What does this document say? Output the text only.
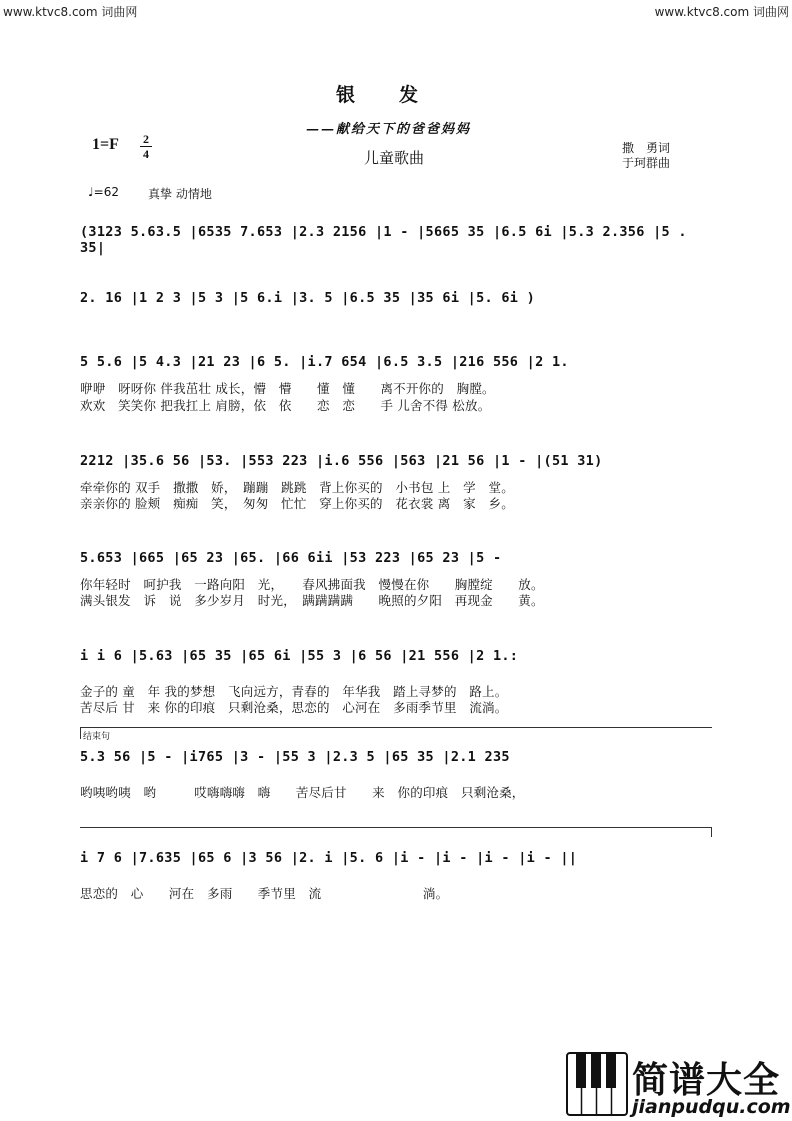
www.ktvc8.com 词曲网	www.ktvc8.com 词曲网
银　　发
——献给天下的爸爸妈妈
儿童歌曲
撒　勇词
于珂群曲
1=F 2
4
♩=62 真挚 动情地
(3123 5.63.5 |6535 7.653 |2.3 2156 |1 - |5665 35 |6.5 6i |5.3 2.356 |5 . 35|
2. 16 |1 2 3 |5 3 |5 6.i |3. 5 |6.5 35 |35 6i |5. 6i )
5 5.6 |5 4.3 |21 23 |6 5. |i.7 654 |6.5 3.5 |216 556 |2 1.
咿咿　呀呀你 伴我茁壮 成长，懵　懵　　懂　懂　　离不开你的　胸膛。
欢欢　笑笑你 把我扛上 肩膀，依　依　　恋　恋　　手 儿舍不得 松放。
2212 |35.6 56 |53. |553 223 |i.6 556 |563 |21 56 |1 - |(51 31)
牵牵你的 双手　撒撒　娇，　蹦蹦　跳跳　背上你买的　小书包 上　学　堂。
亲亲你的 脸颊　痴痴　笑，　匆匆　忙忙　穿上你买的　花衣裳 离　家　乡。
5.653 |665 |65 23 |65. |66 6ii |53 223 |65 23 |5 -
你年轻时　呵护我　一路向阳　光，　　春风拂面我　慢慢在你　　胸膛绽　　放。
满头银发　诉　说　多少岁月　时光，　蹒蹒蹒蹒　　晚照的夕阳　再现金　　黄。
i i 6 |5.63 |65 35 |65 6i |55 3 |6 56 |21 556 |2 1.:
金子的 童　年 我的梦想　飞向远方，青春的　年华我　踏上寻梦的　路上。
苦尽后 甘　来 你的印痕　只剩沧桑，思恋的　心河在　多雨季节里　流淌。
结束句
5.3 56 |5 - |i765 |3 - |55 3 |2.3 5 |65 35 |2.1 235
哟咦哟咦　哟　　　哎嗨嗨嗨　嗨　　苦尽后甘　　来　你的印痕　只剩沧桑，
i 7 6 |7.635 |65 6 |3 56 |2. i |5. 6 |i - |i - |i - |i - ||
思恋的　心　　河在　多雨　　季节里　流　　　　　　　　淌。
简谱大全
jianpudqu.com
